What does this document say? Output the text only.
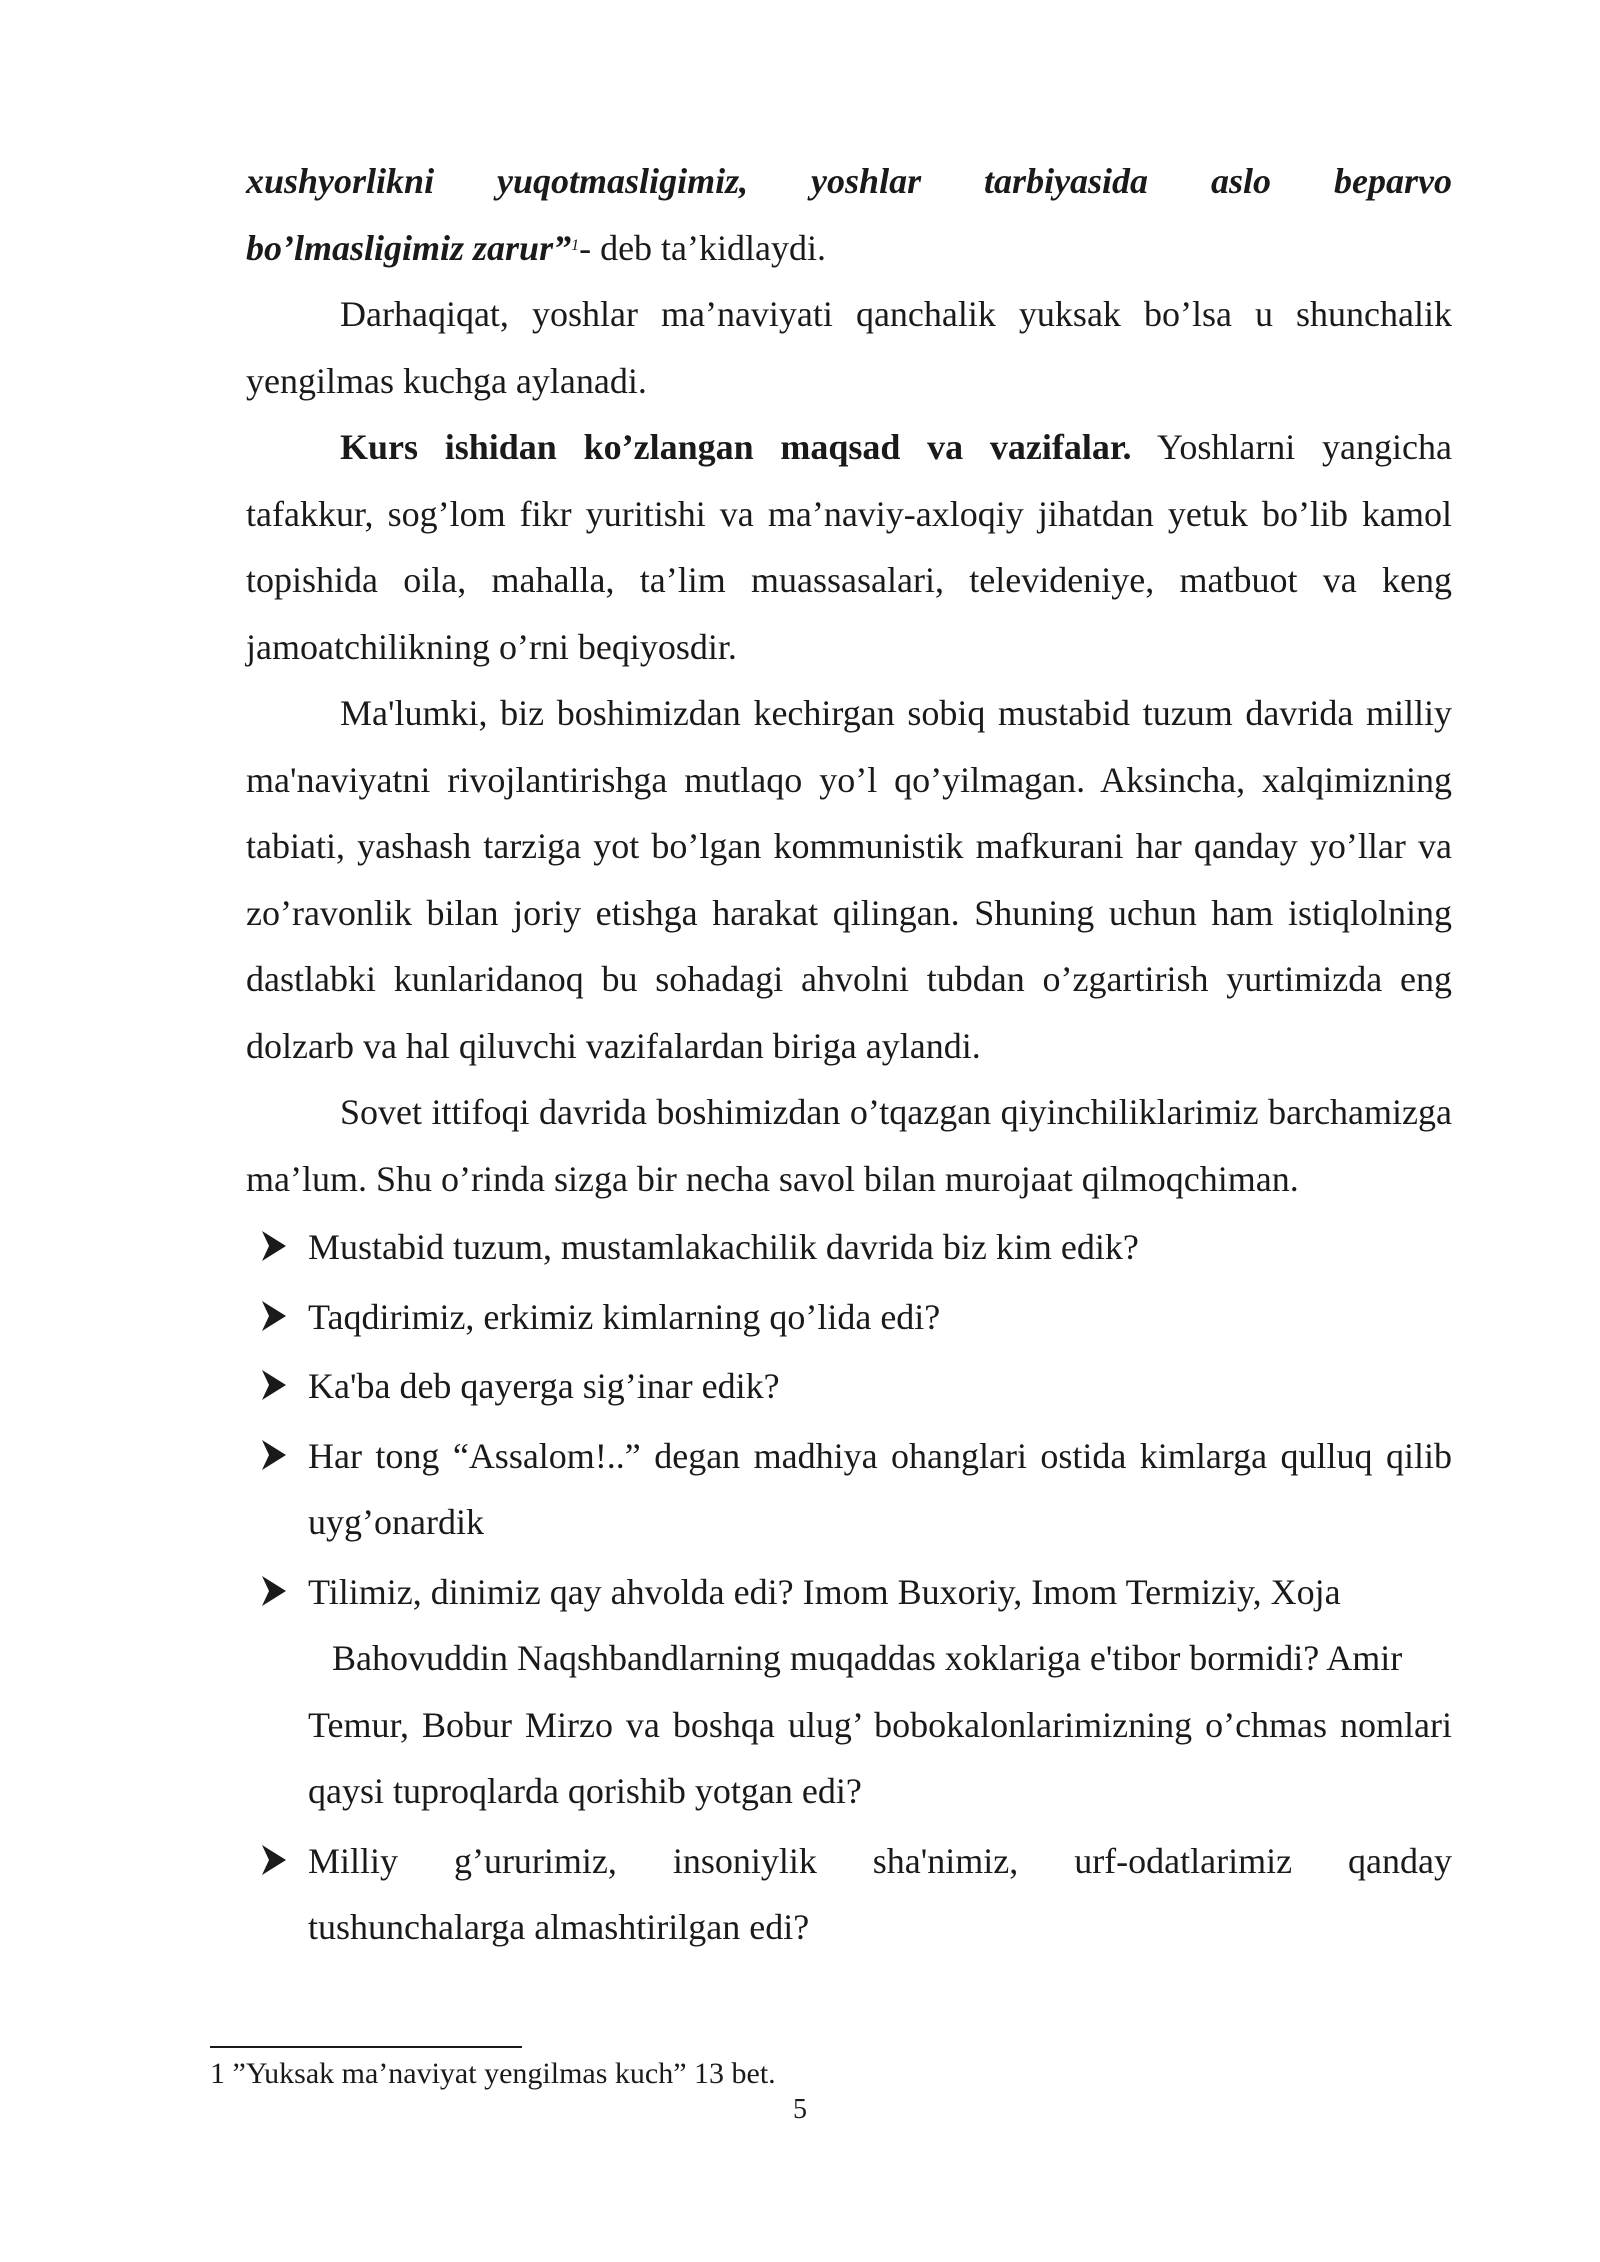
xushyorlikni yuqotmasligimiz, yoshlar tarbiyasida aslo beparvo
bo’lmasligimiz zarur”$^1$- deb ta’kidlaydi.

Darhaqiqat, yoshlar ma’naviyati qanchalik yuksak bo’lsa u shunchalik yengilmas kuchga aylanadi.

Kurs ishidan ko’zlangan maqsad va vazifalar. Yoshlarni yangicha tafakkur, sog’lom fikr yuritishi va ma’naviy-axloqiy jihatdan yetuk bo’lib kamol topishida oila, mahalla, ta’lim muassasalari, televideniye, matbuot va keng jamoatchilikning o’rni beqiyosdir.

Ma'lumki, biz boshimizdan kechirgan sobiq mustabid tuzum davrida milliy ma'naviyatni rivojlantirishga mutlaqo yo’l qo’yilmagan. Aksincha, xalqimizning tabiati, yashash tarziga yot bo’lgan kommunistik mafkurani har qanday yo’llar va zo’ravonlik bilan joriy etishga harakat qilingan. Shuning uchun ham istiqlolning dastlabki kunlaridanoq bu sohadagi ahvolni tubdan o’zgartirish yurtimizda eng dolzarb va hal qiluvchi vazifalardan biriga aylandi.

Sovet ittifoqi davrida boshimizdan o’tqazgan qiyinchiliklarimiz barchamizga ma’lum. Shu o’rinda sizga bir necha savol bilan murojaat qilmoqchiman.

Mustabid tuzum, mustamlakachilik davrida biz kim edik?
Taqdirimiz, erkimiz kimlarning qo’lida edi?
Ka'ba deb qayerga sig’inar edik?
Har tong “Assalom!..” degan madhiya ohanglari ostida kimlarga qulluq qilib uyg’onardik
Tilimiz, dinimiz qay ahvolda edi? Imom Buxoriy, Imom Termiziy, Xoja
Bahovuddin Naqshbandlarning muqaddas xoklariga e'tibor bormidi? Amir
Temur, Bobur Mirzo va boshqa ulug’ bobokalonlarimizning o’chmas nomlari qaysi tuproqlarda qorishib yotgan edi?
Milliy g’ururimiz, insoniylik sha'nimiz, urf-odatlarimiz qanday
tushunchalarga almashtirilgan edi?
1 ”Yuksak ma’naviyat yengilmas kuch” 13 bet.
5
